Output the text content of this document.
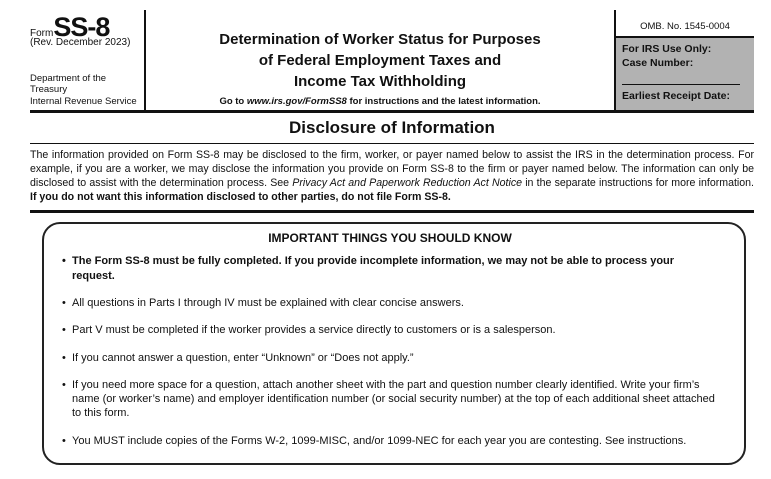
FormSS-8
(Rev. December 2023)
Department of the Treasury
Internal Revenue Service
Determination of Worker Status for Purposes
of Federal Employment Taxes and
Income Tax Withholding
Go to www.irs.gov/FormSS8 for instructions and the latest information.
OMB. No. 1545-0004
For IRS Use Only:
Case Number:
Earliest Receipt Date:
Disclosure of Information
The information provided on Form SS-8 may be disclosed to the firm, worker, or payer named below to assist the IRS in the determination process. For example, if you are a worker, we may disclose the information you provide on Form SS-8 to the firm or payer named below. The information can only be disclosed to assist with the determination process. See Privacy Act and Paperwork Reduction Act Notice in the separate instructions for more information. If you do not want this information disclosed to other parties, do not file Form SS-8.
IMPORTANT THINGS YOU SHOULD KNOW
• The Form SS-8 must be fully completed. If you provide incomplete information, we may not be able to process your request.
• All questions in Parts I through IV must be explained with clear concise answers.
• Part V must be completed if the worker provides a service directly to customers or is a salesperson.
• If you cannot answer a question, enter “Unknown” or “Does not apply.”
• If you need more space for a question, attach another sheet with the part and question number clearly identified. Write your firm’s name (or worker’s name) and employer identification number (or social security number) at the top of each additional sheet attached to this form.
• You MUST include copies of the Forms W-2, 1099-MISC, and/or 1099-NEC for each year you are contesting. See instructions.
